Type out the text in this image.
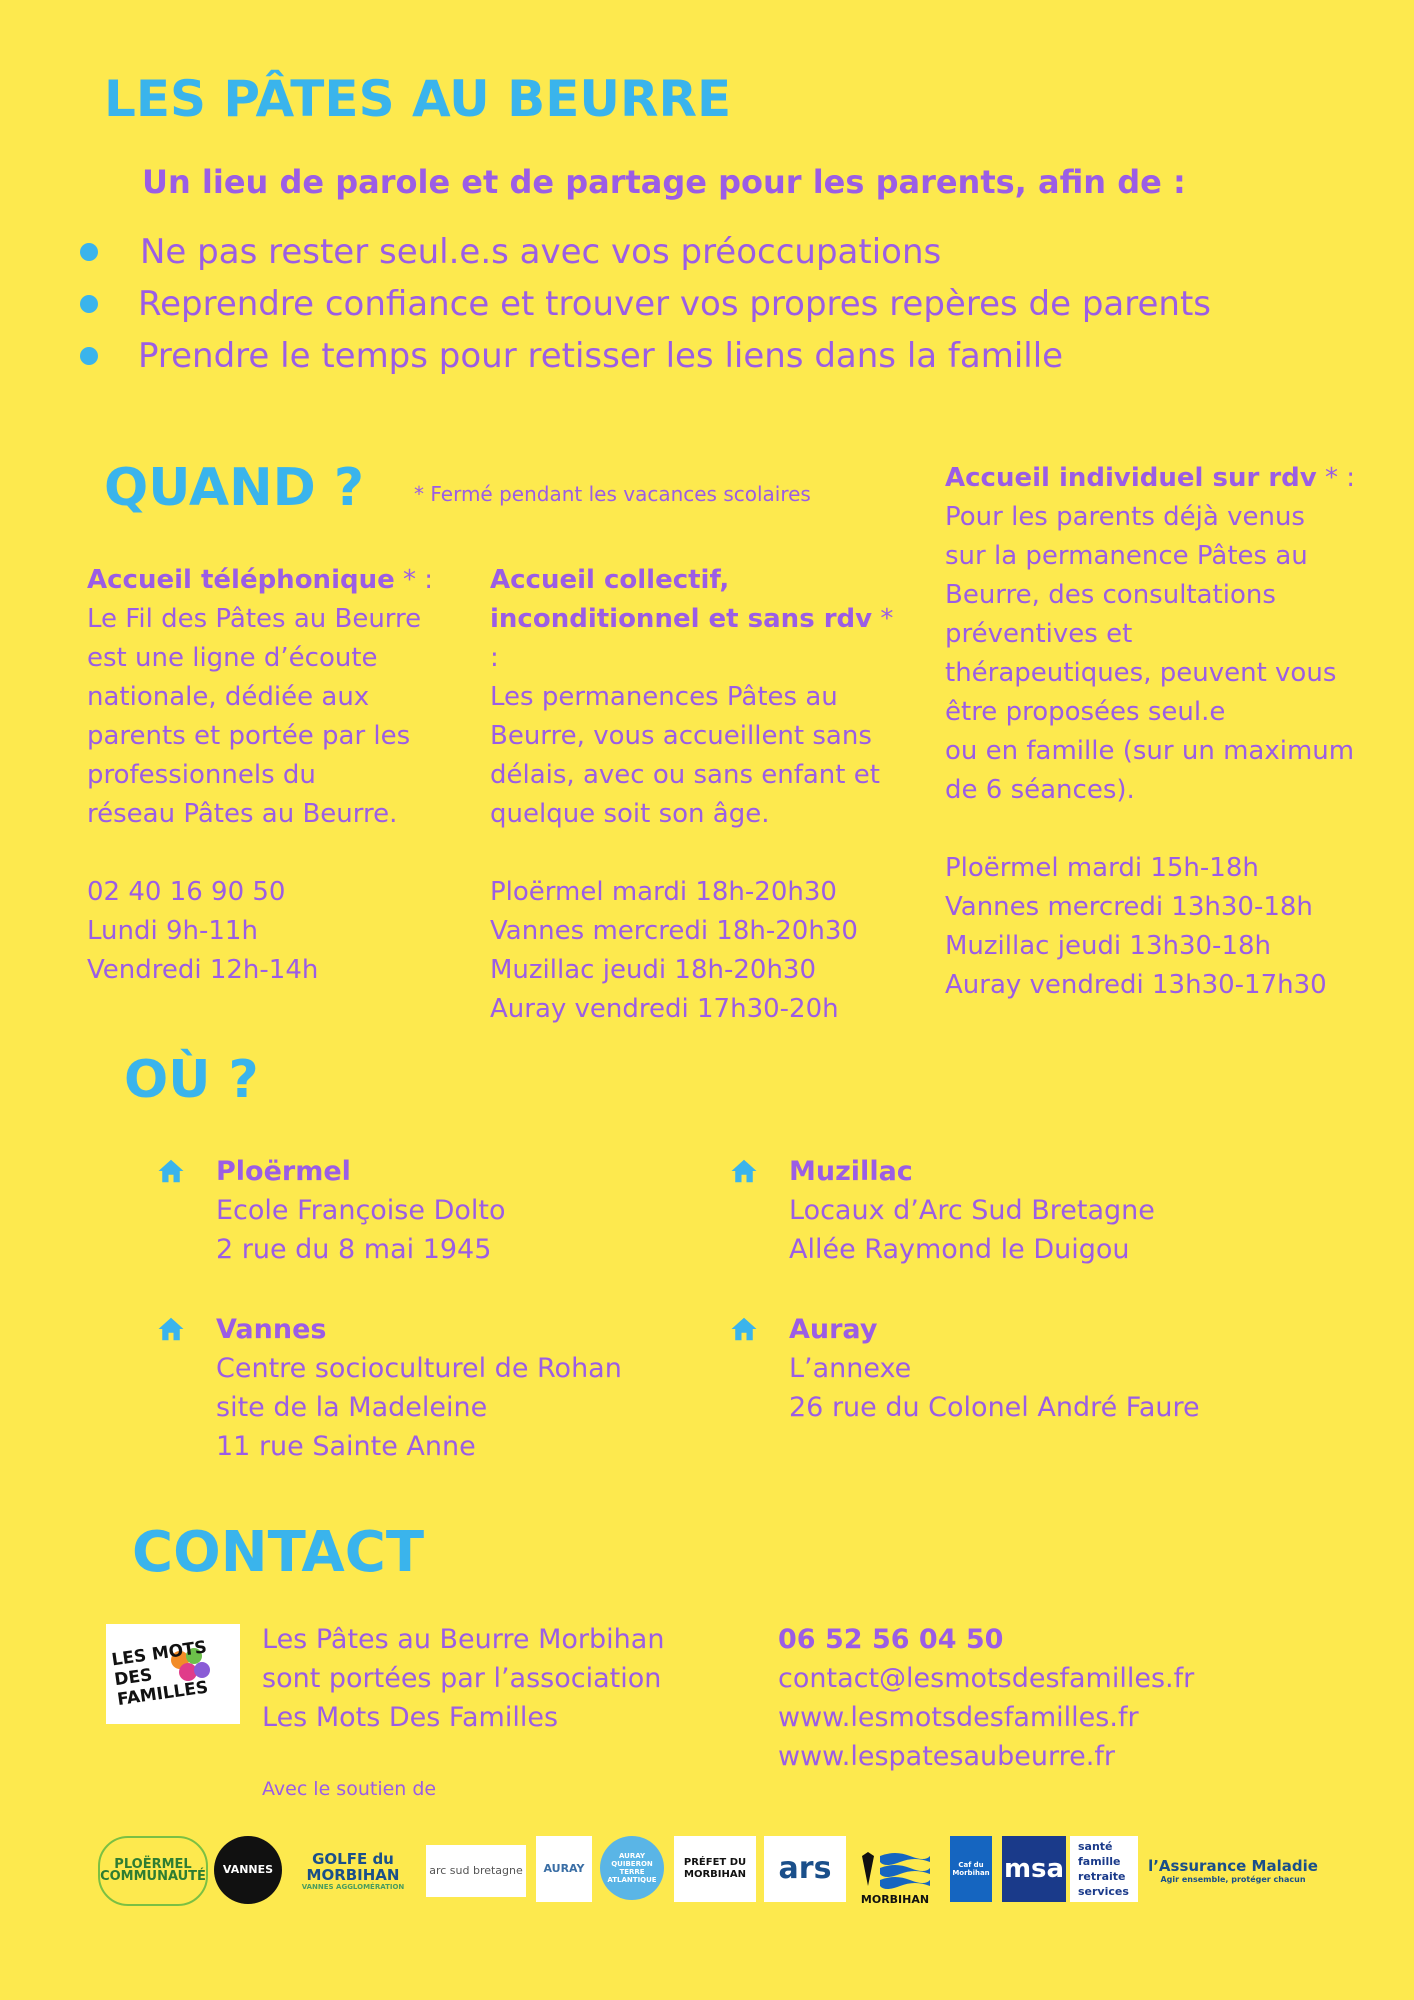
LES PÂTES AU BEURRE
Un lieu de parole et de partage pour les parents, afin de :
Ne pas rester seul.e.s avec vos préoccupations
Reprendre confiance et trouver vos propres repères de parents
Prendre le temps pour retisser les liens dans la famille
QUAND ? * Fermé pendant les vacances scolaires
Accueil téléphonique * :
Le Fil des Pâtes au Beurre
est une ligne d’écoute
nationale, dédiée aux
parents et portée par les
professionnels du
réseau Pâtes au Beurre.
02 40 16 90 50
Lundi 9h-11h
Vendredi 12h-14h
Accueil collectif,
inconditionnel et sans rdv * :
Les permanences Pâtes au
Beurre, vous accueillent sans
délais, avec ou sans enfant et
quelque soit son âge.
Ploërmel mardi 18h-20h30
Vannes mercredi 18h-20h30
Muzillac jeudi 18h-20h30
Auray vendredi 17h30-20h
Accueil individuel sur rdv * :
Pour les parents déjà venus
sur la permanence Pâtes au
Beurre, des consultations
préventives et
thérapeutiques, peuvent vous
être proposées seul.e
ou en famille (sur un maximum
de 6 séances).
Ploërmel mardi 15h-18h
Vannes mercredi 13h30-18h
Muzillac jeudi 13h30-18h
Auray vendredi 13h30-17h30
OÙ ?
Ploërmel
Ecole Françoise Dolto
2 rue du 8 mai 1945
Muzillac
Locaux d’Arc Sud Bretagne
Allée Raymond le Duigou
Vannes
Centre socioculturel de Rohan
site de la Madeleine
11 rue Sainte Anne
Auray
L’annexe
26 rue du Colonel André Faure
CONTACT
LES MOTS DES FAMILLES
Les Pâtes au Beurre Morbihan
sont portées par l’association
Les Mots Des Familles
06 52 56 04 50
contact@lesmotsdesfamilles.fr
www.lesmotsdesfamilles.fr
www.lespatesaubeurre.fr
Avec le soutien de
PLOËRMEL COMMUNAUTÉ	VANNES
GOLFE du MORBIHAN
VANNES AGGLOMÉRATION
arc sud bretagne	AURAY
AURAY QUIBERON TERRE ATLANTIQUE
PRÉFET DU MORBIHAN	ars
MORBIHAN
Caf du Morbihan msa
santé
famille
retraite
services
l’Assurance Maladie
Agir ensemble, protéger chacun
